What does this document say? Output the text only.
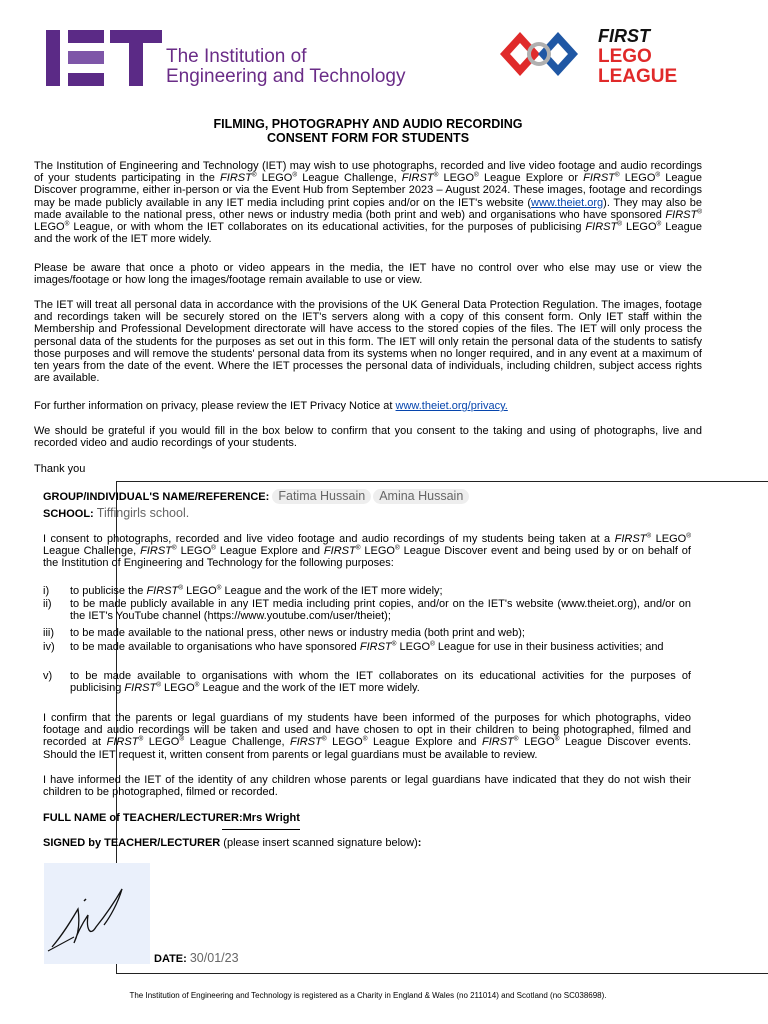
The Institution of
Engineering and Technology
FIRST
LEGO
LEAGUE
FILMING, PHOTOGRAPHY AND AUDIO RECORDING
CONSENT FORM FOR STUDENTS
The Institution of Engineering and Technology (IET) may wish to use photographs, recorded and live video footage and audio recordings of your students participating in the FIRST® LEGO® League Challenge, FIRST® LEGO® League Explore or FIRST® LEGO® League Discover programme, either in-person or via the Event Hub from September 2023 – August 2024. These images, footage and recordings may be made publicly available in any IET media including print copies and/or on the IET's website (www.theiet.org). They may also be made available to the national press, other news or industry media (both print and web) and organisations who have sponsored FIRST® LEGO® League, or with whom the IET collaborates on its educational activities, for the purposes of publicising FIRST® LEGO® League and the work of the IET more widely.
Please be aware that once a photo or video appears in the media, the IET have no control over who else may use or view the images/footage or how long the images/footage remain available to use or view.
The IET will treat all personal data in accordance with the provisions of the UK General Data Protection Regulation. The images, footage and recordings taken will be securely stored on the IET's servers along with a copy of this consent form. Only IET staff within the Membership and Professional Development directorate will have access to the stored copies of the files. The IET will only process the personal data of the students for the purposes as set out in this form. The IET will only retain the personal data of the students to satisfy those purposes and will remove the students' personal data from its systems when no longer required, and in any event at a maximum of ten years from the date of the event. Where the IET processes the personal data of individuals, including children, subject access rights are available.
For further information on privacy, please review the IET Privacy Notice at www.theiet.org/privacy.
We should be grateful if you would fill in the box below to confirm that you consent to the taking and using of photographs, live and recorded video and audio recordings of your students.
Thank you
GROUP/INDIVIDUAL'S NAME/REFERENCE: Fatima Hussain Amina Hussain
SCHOOL: Tiffingirls school.
I consent to photographs, recorded and live video footage and audio recordings of my students being taken at a FIRST® LEGO® League Challenge, FIRST® LEGO® League Explore and FIRST® LEGO® League Discover event and being used by or on behalf of the Institution of Engineering and Technology for the following purposes:
i) to publicise the FIRST® LEGO® League and the work of the IET more widely;
ii) to be made publicly available in any IET media including print copies, and/or on the IET's website (www.theiet.org), and/or on the IET's YouTube channel (https://www.youtube.com/user/theiet);
iii) to be made available to the national press, other news or industry media (both print and web);
iv) to be made available to organisations who have sponsored FIRST® LEGO® League for use in their business activities; and
v) to be made available to organisations with whom the IET collaborates on its educational activities for the purposes of publicising FIRST® LEGO® League and the work of the IET more widely.
I confirm that the parents or legal guardians of my students have been informed of the purposes for which photographs, video footage and audio recordings will be taken and used and have chosen to opt in their children to being photographed, filmed and recorded at FIRST® LEGO® League Challenge, FIRST® LEGO® League Explore and FIRST® LEGO® League Discover events. Should the IET request it, written consent from parents or legal guardians must be available to review.
I have informed the IET of the identity of any children whose parents or legal guardians have indicated that they do not wish their children to be photographed, filmed or recorded.
FULL NAME of TEACHER/LECTURER:Mrs Wright
SIGNED by TEACHER/LECTURER (please insert scanned signature below):
DATE: 30/01/23
The Institution of Engineering and Technology is registered as a Charity in England & Wales (no 211014) and Scotland (no SC038698).
